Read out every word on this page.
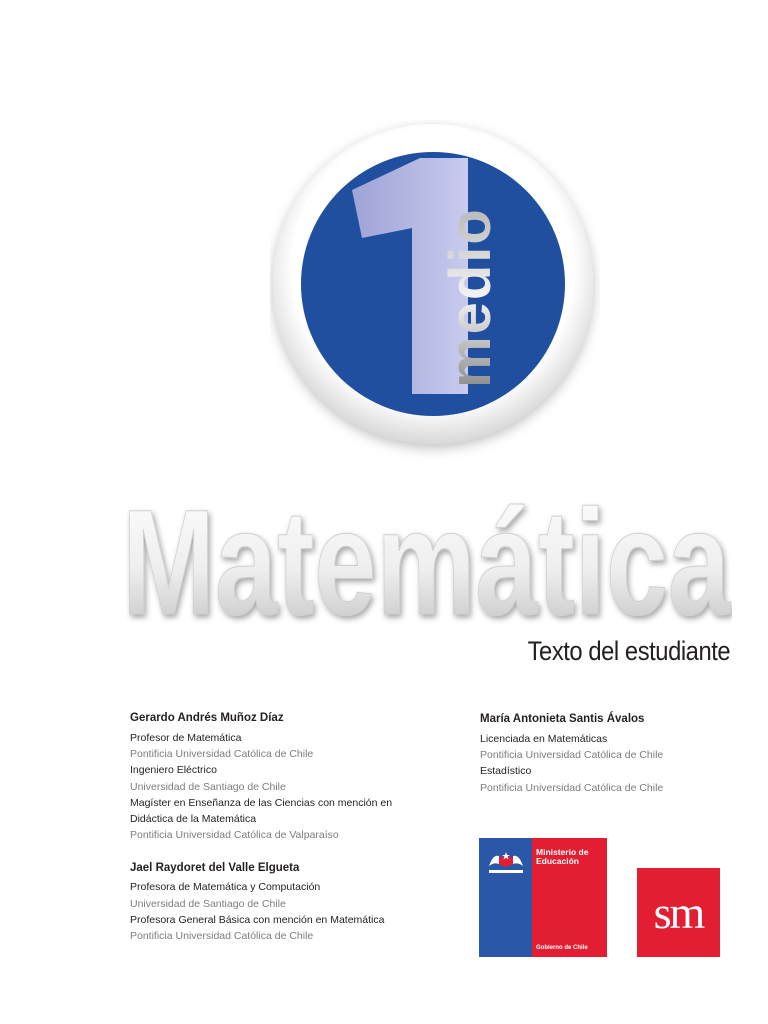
medio
Matemática
Texto del estudiante
Gerardo Andrés Muñoz Díaz
Profesor de Matemática
Pontificia Universidad Católica de Chile
Ingeniero Eléctrico
Universidad de Santiago de Chile
Magíster en Enseñanza de las Ciencias con mención en
Didáctica de la Matemática
Pontificia Universidad Católica de Valparaíso
Jael Raydoret del Valle Elgueta
Profesora de Matemática y Computación
Universidad de Santiago de Chile
Profesora General Básica con mención en Matemática
Pontificia Universidad Católica de Chile
María Antonieta Santis Ávalos
Licenciada en Matemáticas
Pontificia Universidad Católica de Chile
Estadístico
Pontificia Universidad Católica de Chile
Ministerio de
Educación
Gobierno de Chile
sm
